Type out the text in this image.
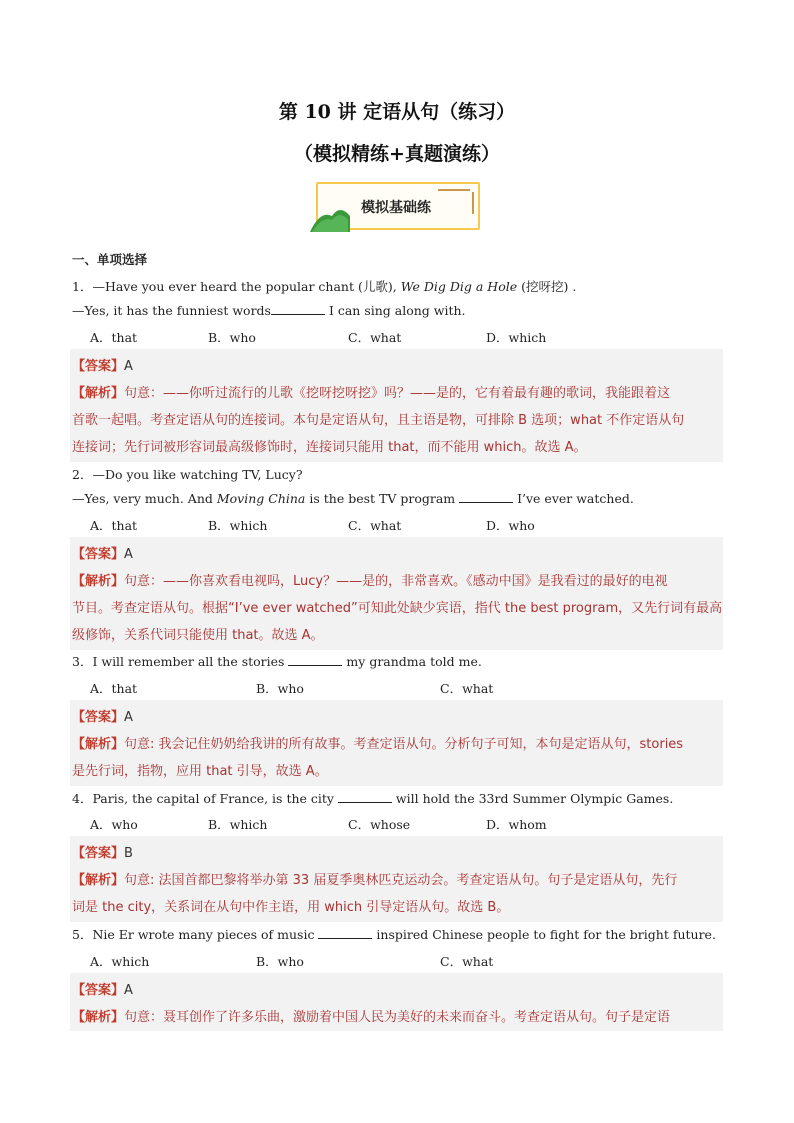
第 10 讲 定语从句（练习）
（模拟精练+真题演练）
模拟基础练
一、单项选择
1．—Have you ever heard the popular chant (儿歌), We Dig Dig a Hole (挖呀挖) .
—Yes, it has the funniest words	I can sing along with.
A．that	B．who	C．what	D．which
【答案】A
【解析】句意：——你听过流行的儿歌《挖呀挖呀挖》吗？——是的，它有着最有趣的歌词，我能跟着这
首歌一起唱。考查定语从句的连接词。本句是定语从句，且主语是物，可排除 B 选项；what 不作定语从句
连接词；先行词被形容词最高级修饰时，连接词只能用 that，而不能用 which。故选 A。
2．—Do you like watching TV, Lucy?
—Yes, very much. And Moving China is the best TV program	I’ve ever watched.
A．that	B．which	C．what	D．who
【答案】A
【解析】句意：——你喜欢看电视吗，Lucy？——是的，非常喜欢。《感动中国》是我看过的最好的电视
节目。考查定语从句。根据“I’ve ever watched”可知此处缺少宾语，指代 the best program，又先行词有最高
级修饰，关系代词只能使用 that。故选 A。
3．I will remember all the stories	my grandma told me.
A．that	B．who	C．what
【答案】A
【解析】句意: 我会记住奶奶给我讲的所有故事。考查定语从句。分析句子可知，本句是定语从句，stories
是先行词，指物，应用 that 引导，故选 A。
4．Paris, the capital of France, is the city	will hold the 33rd Summer Olympic Games.
A．who	B．which	C．whose	D．whom
【答案】B
【解析】句意: 法国首都巴黎将举办第 33 届夏季奥林匹克运动会。考查定语从句。句子是定语从句，先行
词是 the city，关系词在从句中作主语，用 which 引导定语从句。故选 B。
5．Nie Er wrote many pieces of music	inspired Chinese people to fight for the bright future.
A．which	B．who	C．what
【答案】A
【解析】句意：聂耳创作了许多乐曲，激励着中国人民为美好的未来而奋斗。考查定语从句。句子是定语
